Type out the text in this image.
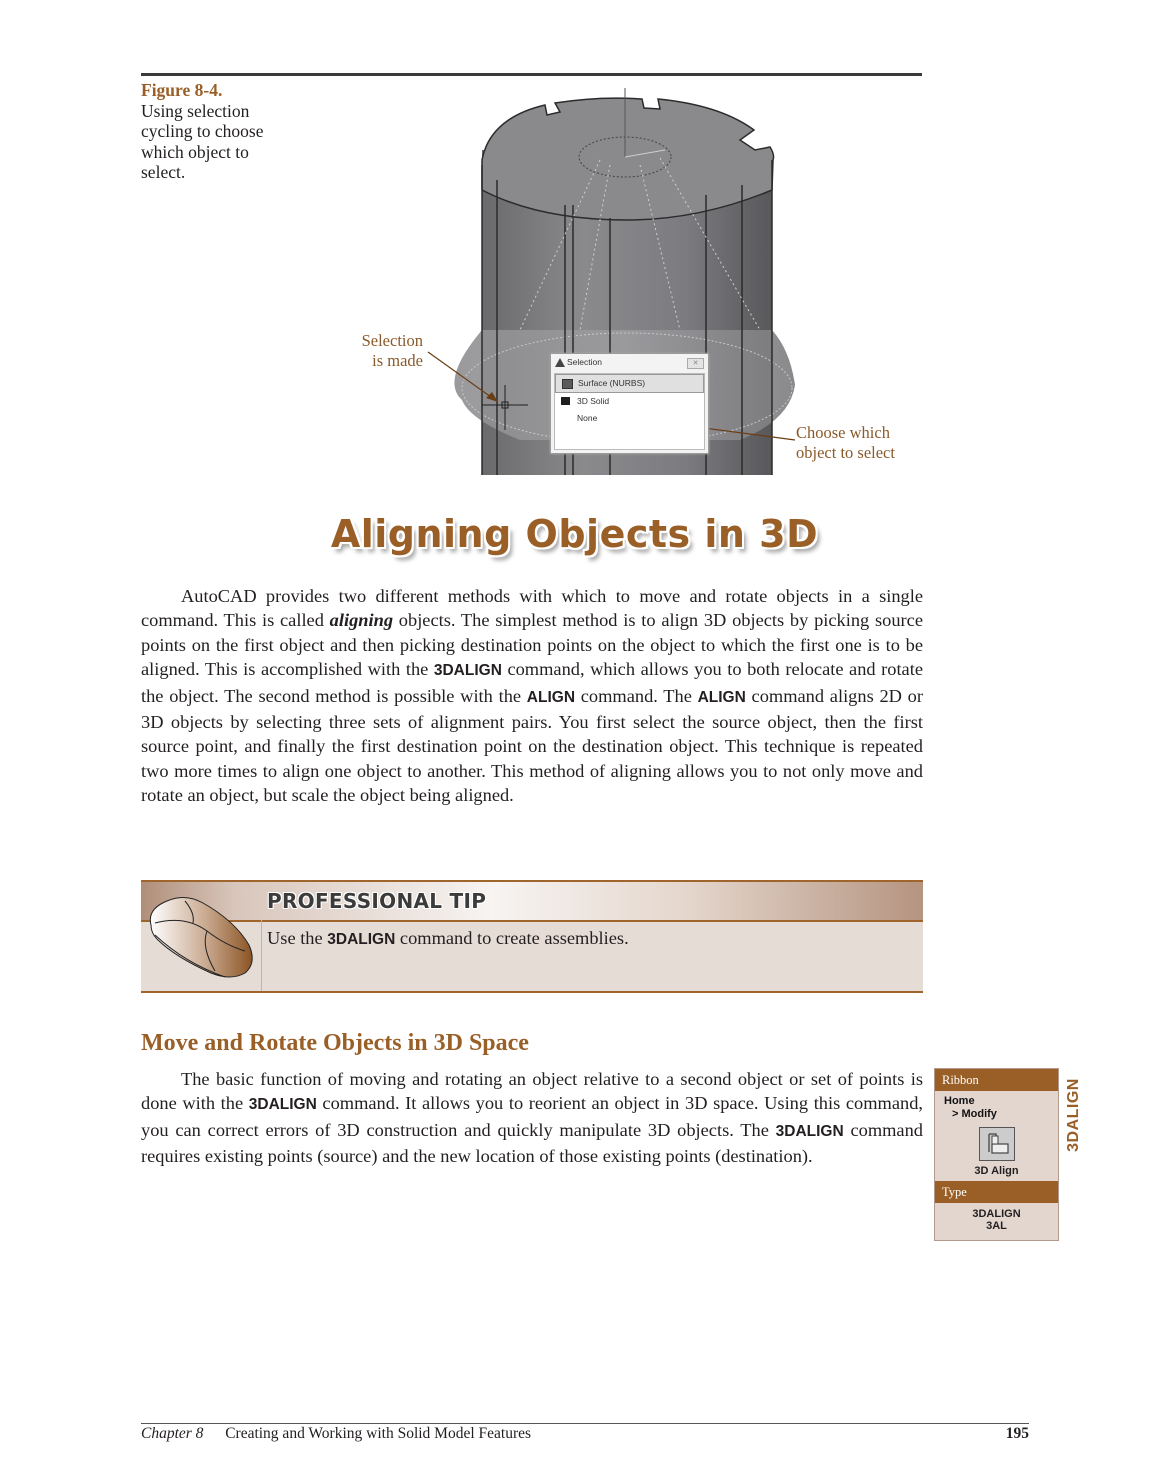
Figure 8-4.
Using selection
cycling to choose
which object to
select.
Selection
is made
Choose which
object to select
Selection	✕
Surface (NURBS)
3D Solid
None
Aligning Objects in 3D

AutoCAD provides two different methods with which to move and rotate objects in a single command. This is called aligning objects. The simplest method is to align 3D objects by picking source points on the first object and then picking destination points on the object to which the first one is to be aligned. This is accomplished with the 3DALIGN command, which allows you to both relocate and rotate the object. The second method is possible with the ALIGN command. The ALIGN command aligns 2D or 3D objects by selecting three sets of alignment pairs. You first select the source object, then the first source point, and finally the first destination point on the destination object. This technique is repeated two more times to align one object to another. This method of aligning allows you to not only move and rotate an object, but scale the object being aligned.

PROFESSIONAL TIP
Use the 3DALIGN command to create assemblies.
Move and Rotate Objects in 3D Space

The basic function of moving and rotating an object relative to a second object or set of points is done with the 3DALIGN command. It allows you to reorient an object in 3D space. Using this command, you can correct errors of 3D construction and quickly manipulate 3D objects. The 3DALIGN command requires existing points (source) and the new location of those existing points (destination).

Ribbon
Home
> Modify
3D Align
Type
3DALIGN
3AL
3DALIGN
Chapter 8 Creating and Working with Solid Model Features	195
